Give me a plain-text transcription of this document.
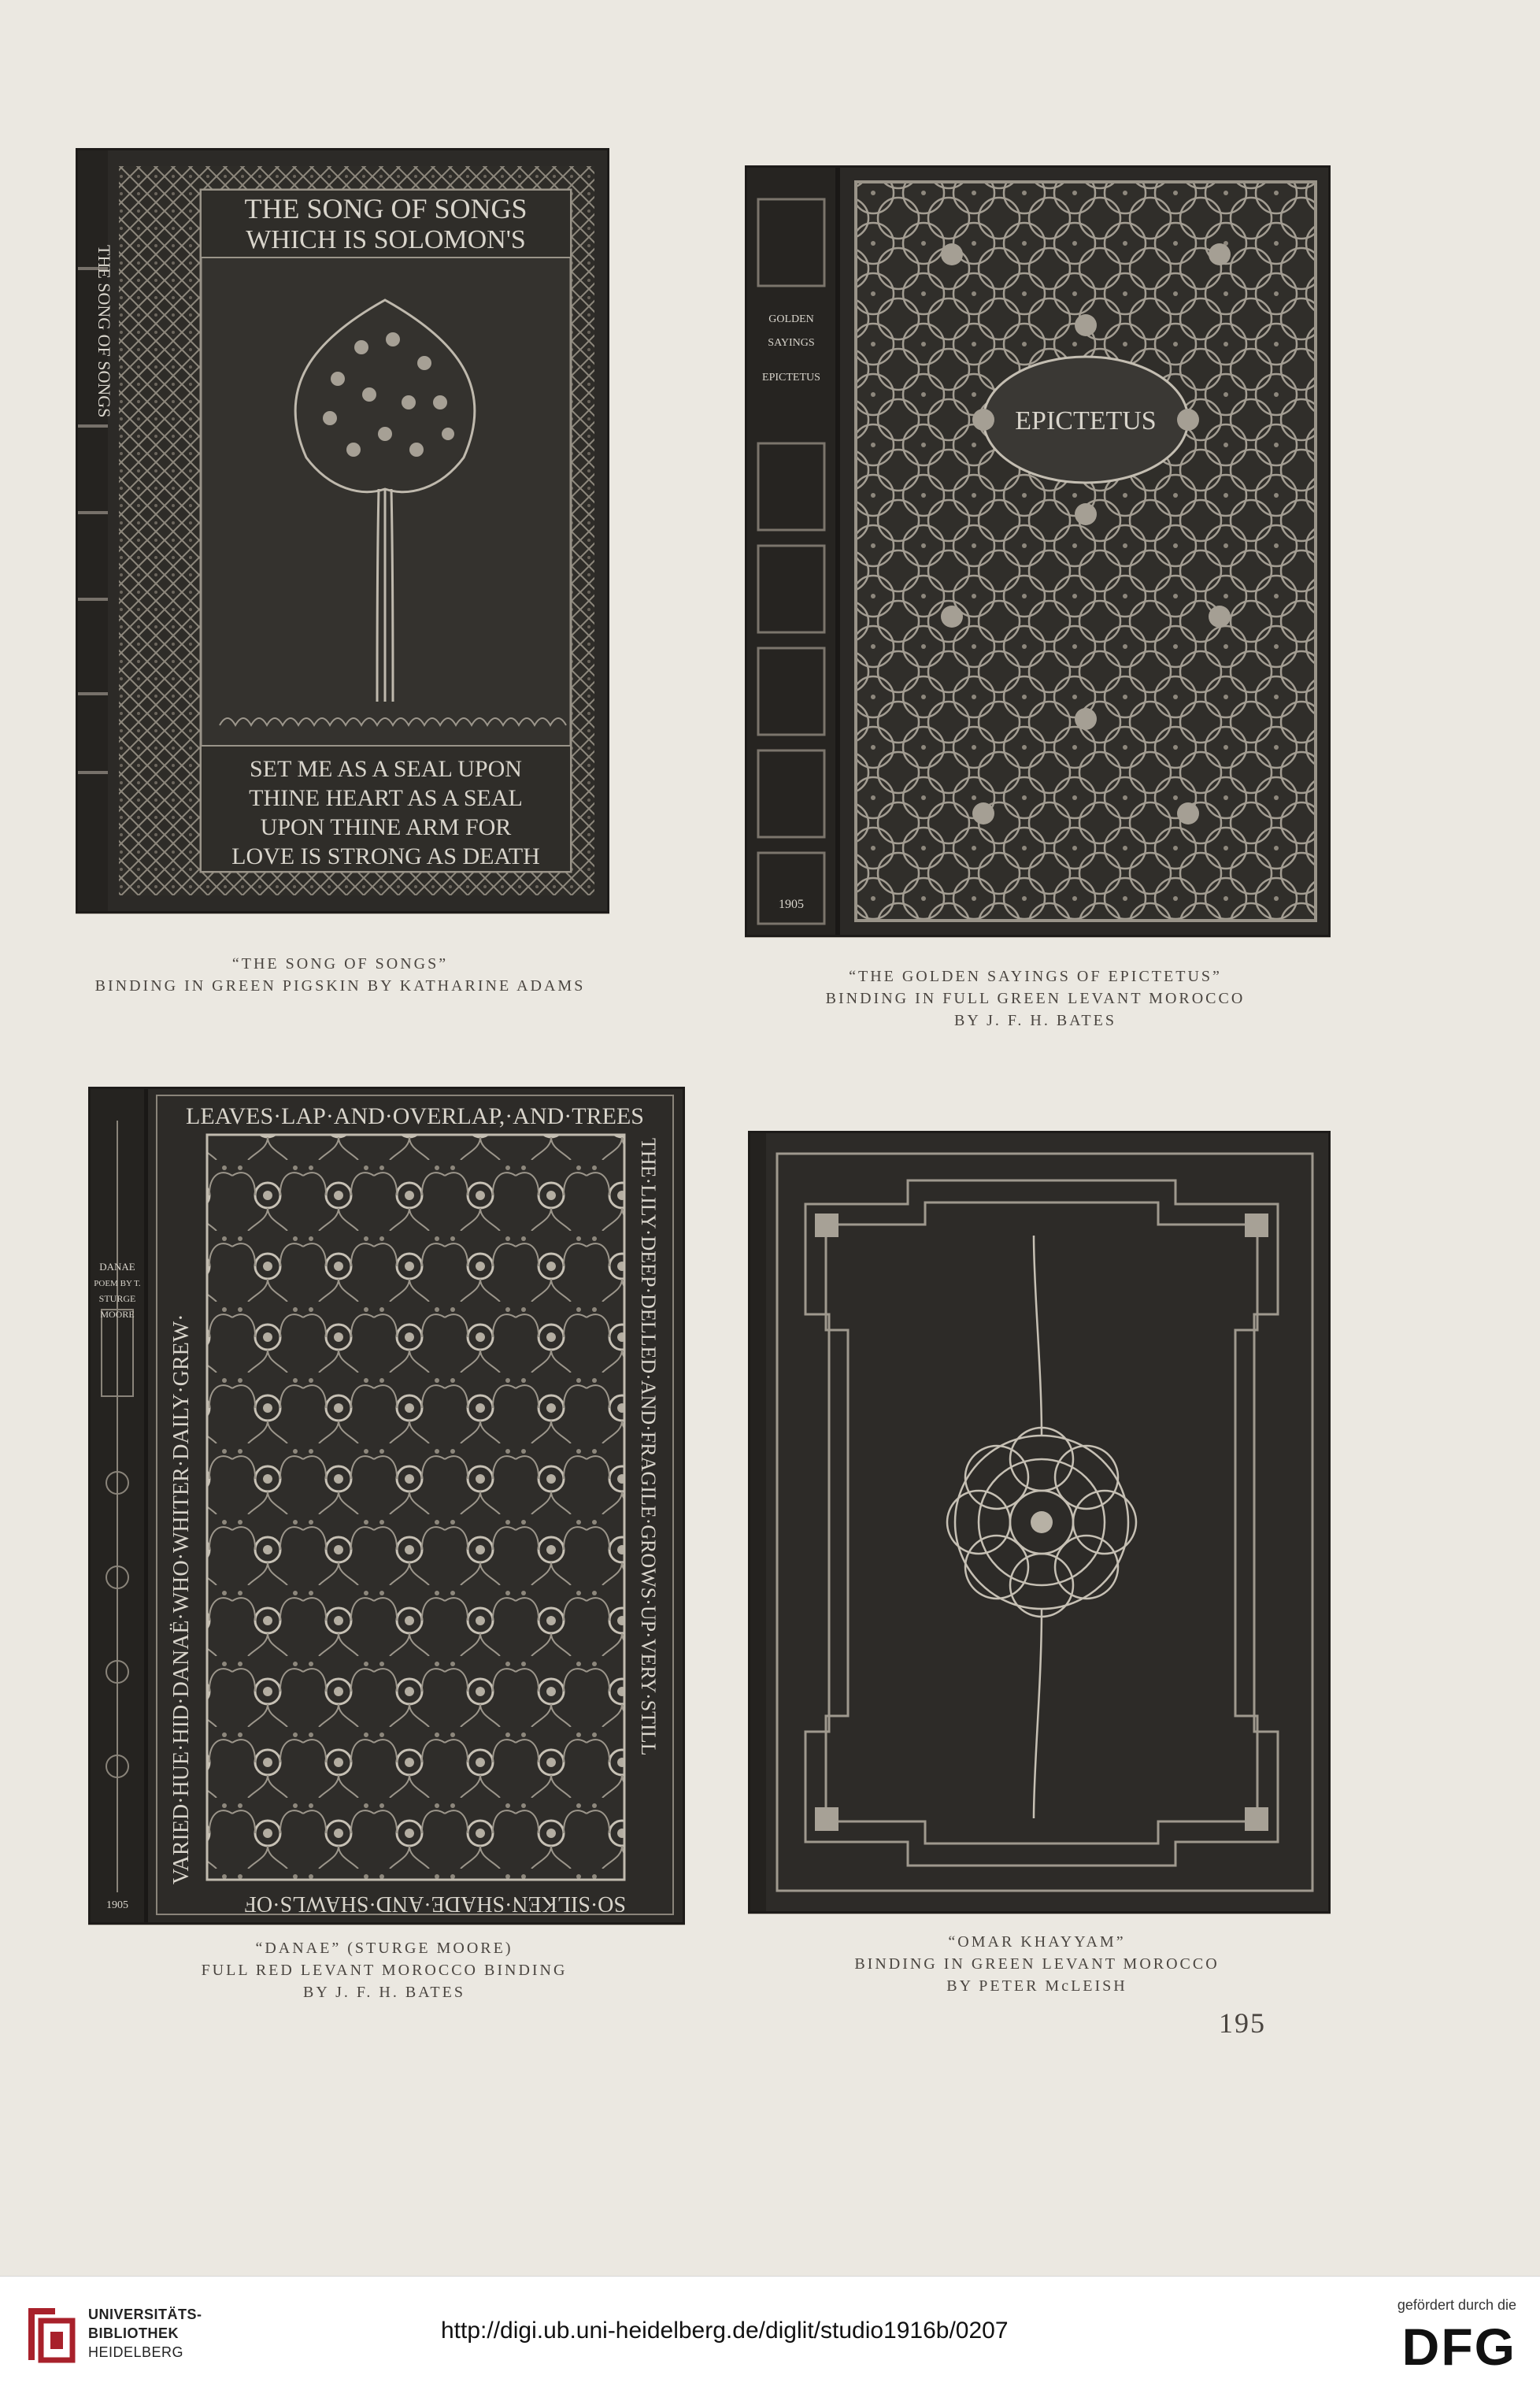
THE SONG OF SONGS
WHICH IS SOLOMON'S
SET ME AS A SEAL UPON
THINE HEART AS A SEAL
UPON THINE ARM FOR
LOVE IS STRONG AS DEATH
THE SONG OF SONGS
“THE SONG OF SONGS”
BINDING IN GREEN PIGSKIN BY KATHARINE ADAMS
EPICTETUS
GOLDEN
SAYINGS
EPICTETUS
1905
“THE GOLDEN SAYINGS OF EPICTETUS”
BINDING IN FULL GREEN LEVANT MOROCCO
BY J. F. H. BATES
LEAVES·LAP·AND·OVERLAP,·AND·TREES
THE·LILY·DEEP·DELLED·AND·FRAGILE·GROWS·UP·VERY·STILL
SO·SILKEN·SHADE·AND·SHAWLS·OF
VARIED·HUE·HID·DANAË·WHO·WHITER·DAILY·GREW·
DANAE
POEM BY T.
STURGE
MOORE
1905
“DANAE” (STURGE MOORE)
FULL RED LEVANT MOROCCO BINDING
BY J. F. H. BATES
“OMAR KHAYYAM”
BINDING IN GREEN LEVANT MOROCCO
BY PETER McLEISH
195
UNIVERSITÄTS-
BIBLIOTHEK
HEIDELBERG
http://digi.ub.uni-heidelberg.de/diglit/studio1916b/0207
gefördert durch die
DFG
